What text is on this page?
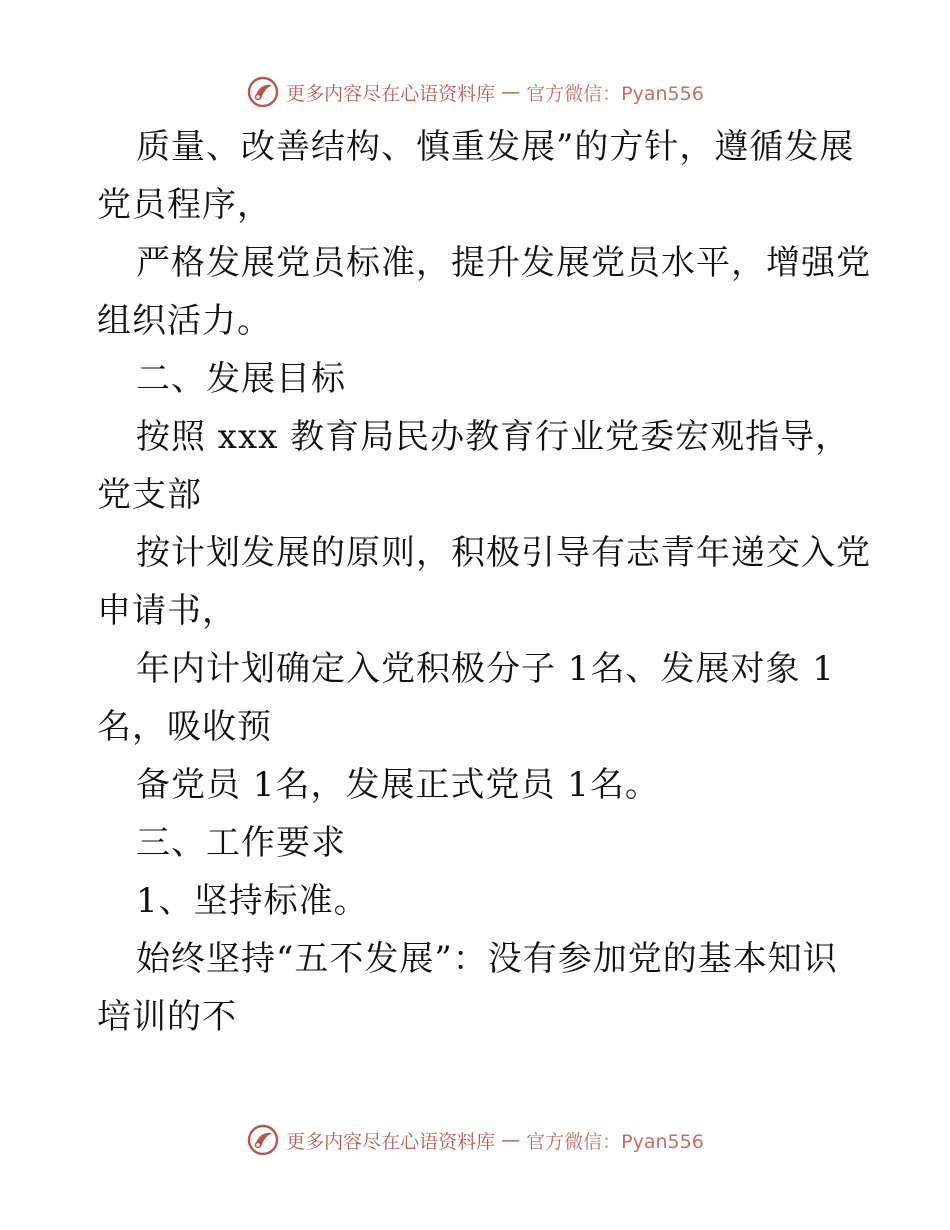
更多内容尽在心语资料库 — 官方微信：Pyan556
质量、改善结构、慎重发展”的方针，遵循发展
党员程序，
严格发展党员标准，提升发展党员水平，增强党
组织活力。
二、发展目标
按照 xxx 教育局民办教育行业党委宏观指导，
党支部
按计划发展的原则，积极引导有志青年递交入党
申请书，
年内计划确定入党积极分子 1名、发展对象 1
名，吸收预
备党员 1名，发展正式党员 1名。
三、工作要求
1、坚持标准。
始终坚持“五不发展”：没有参加党的基本知识
培训的不
更多内容尽在心语资料库 — 官方微信：Pyan556
